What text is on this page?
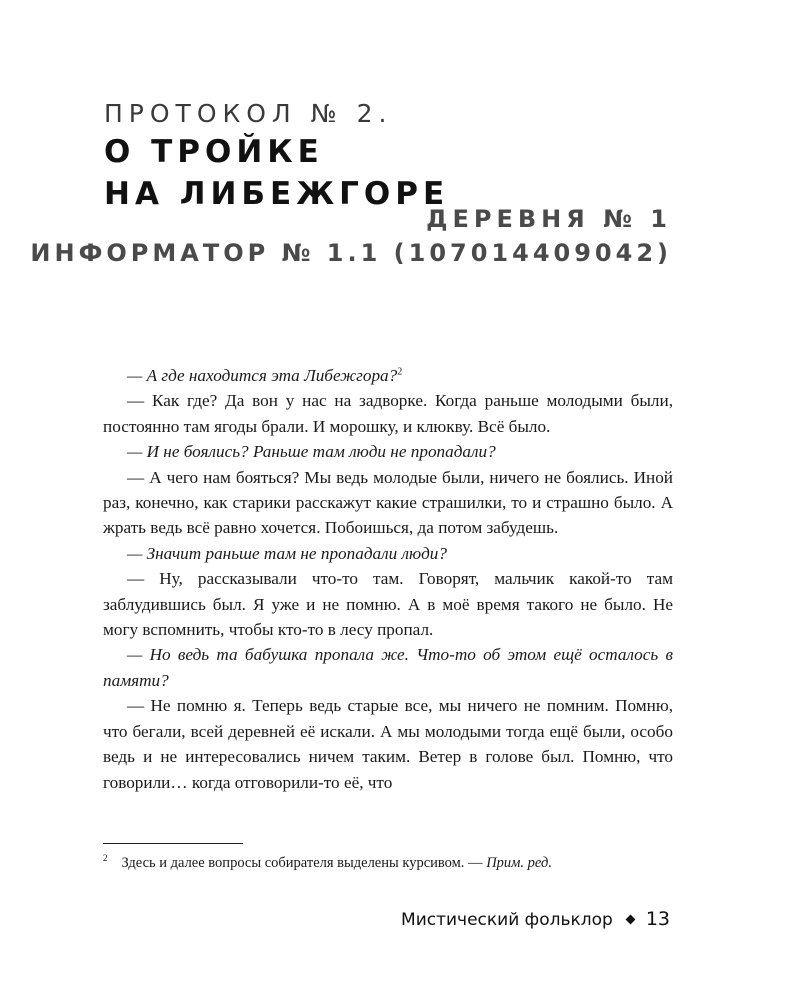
ПРОТОКОЛ № 2.
О ТРОЙКЕ
НА ЛИБЕЖГОРЕ
ДЕРЕВНЯ № 1
ИНФОРМАТОР № 1.1 (107014409042)

— А где находится эта Либежгора?$^2$

— Как где? Да вон у нас на задворке. Когда раньше молодыми были, постоянно там ягоды брали. И морошку, и клюкву. Всё было.

— И не боялись? Раньше там люди не пропадали?

— А чего нам бояться? Мы ведь молодые были, ничего не боялись. Иной раз, конечно, как старики расскажут какие страшилки, то и страшно было. А жрать ведь всё равно хочется. Побоишься, да потом забудешь.

— Значит раньше там не пропадали люди?

— Ну, рассказывали что-то там. Говорят, мальчик какой-то там заблудившись был. Я уже и не помню. А в моё время такого не было. Не могу вспомнить, чтобы кто-то в лесу пропал.

— Но ведь та бабушка пропала же. Что-то об этом ещё осталось в памяти?

— Не помню я. Теперь ведь старые все, мы ничего не помним. Помню, что бегали, всей деревней её искали. А мы молодыми тогда ещё были, особо ведь и не интересовались ничем таким. Ветер в голове был. Помню, что говорили… когда отговорили-то её, что

$^2$ Здесь и далее вопросы собирателя выделены курсивом. — Прим. ред.
Мистический фольклор 13
